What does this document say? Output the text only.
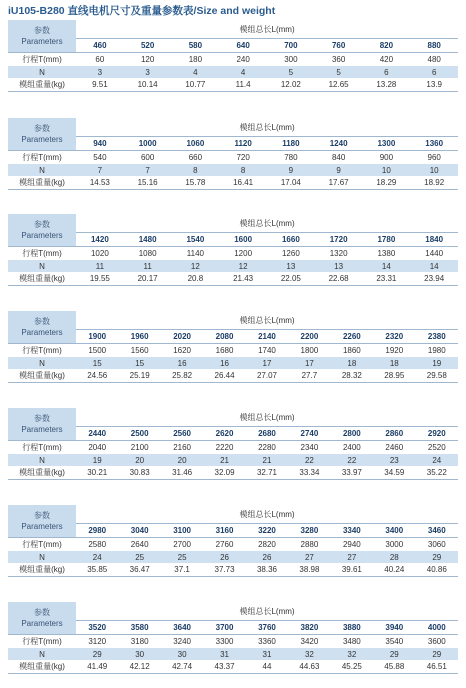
iU105-B280 直线电机尺寸及重量参数表/Size and weight
参数
Parameters	模组总长L(mm)							
	460	520	580	640	700	760	820	880
行程T(mm)	60	120	180	240	300	360	420	480
N	3	3	4	4	5	5	6	6
模组重量(kg)	9.51	10.14	10.77	11.4	12.02	12.65	13.28	13.9
参数
Parameters	模组总长L(mm)							
	940	1000	1060	1120	1180	1240	1300	1360
行程T(mm)	540	600	660	720	780	840	900	960
N	7	7	8	8	9	9	10	10
模组重量(kg)	14.53	15.16	15.78	16.41	17.04	17.67	18.29	18.92
参数
Parameters	模组总长L(mm)							
	1420	1480	1540	1600	1660	1720	1780	1840
行程T(mm)	1020	1080	1140	1200	1260	1320	1380	1440
N	11	11	12	12	13	13	14	14
模组重量(kg)	19.55	20.17	20.8	21.43	22.05	22.68	23.31	23.94
参数
Parameters	模组总长L(mm)								
	1900	1960	2020	2080	2140	2200	2260	2320	2380
行程T(mm)	1500	1560	1620	1680	1740	1800	1860	1920	1980
N	15	15	16	16	17	17	18	18	19
模组重量(kg)	24.56	25.19	25.82	26.44	27.07	27.7	28.32	28.95	29.58
参数
Parameters	模组总长L(mm)								
	2440	2500	2560	2620	2680	2740	2800	2860	2920
行程T(mm)	2040	2100	2160	2220	2280	2340	2400	2460	2520
N	19	20	20	21	21	22	22	23	24
模组重量(kg)	30.21	30.83	31.46	32.09	32.71	33.34	33.97	34.59	35.22
参数
Parameters	模组总长L(mm)								
	2980	3040	3100	3160	3220	3280	3340	3400	3460
行程T(mm)	2580	2640	2700	2760	2820	2880	2940	3000	3060
N	24	25	25	26	26	27	27	28	29
模组重量(kg)	35.85	36.47	37.1	37.73	38.36	38.98	39.61	40.24	40.86
参数
Parameters	模组总长L(mm)								
	3520	3580	3640	3700	3760	3820	3880	3940	4000
行程T(mm)	3120	3180	3240	3300	3360	3420	3480	3540	3600
N	29	30	30	31	31	32	32	29	29
模组重量(kg)	41.49	42.12	42.74	43.37	44	44.63	45.25	45.88	46.51
